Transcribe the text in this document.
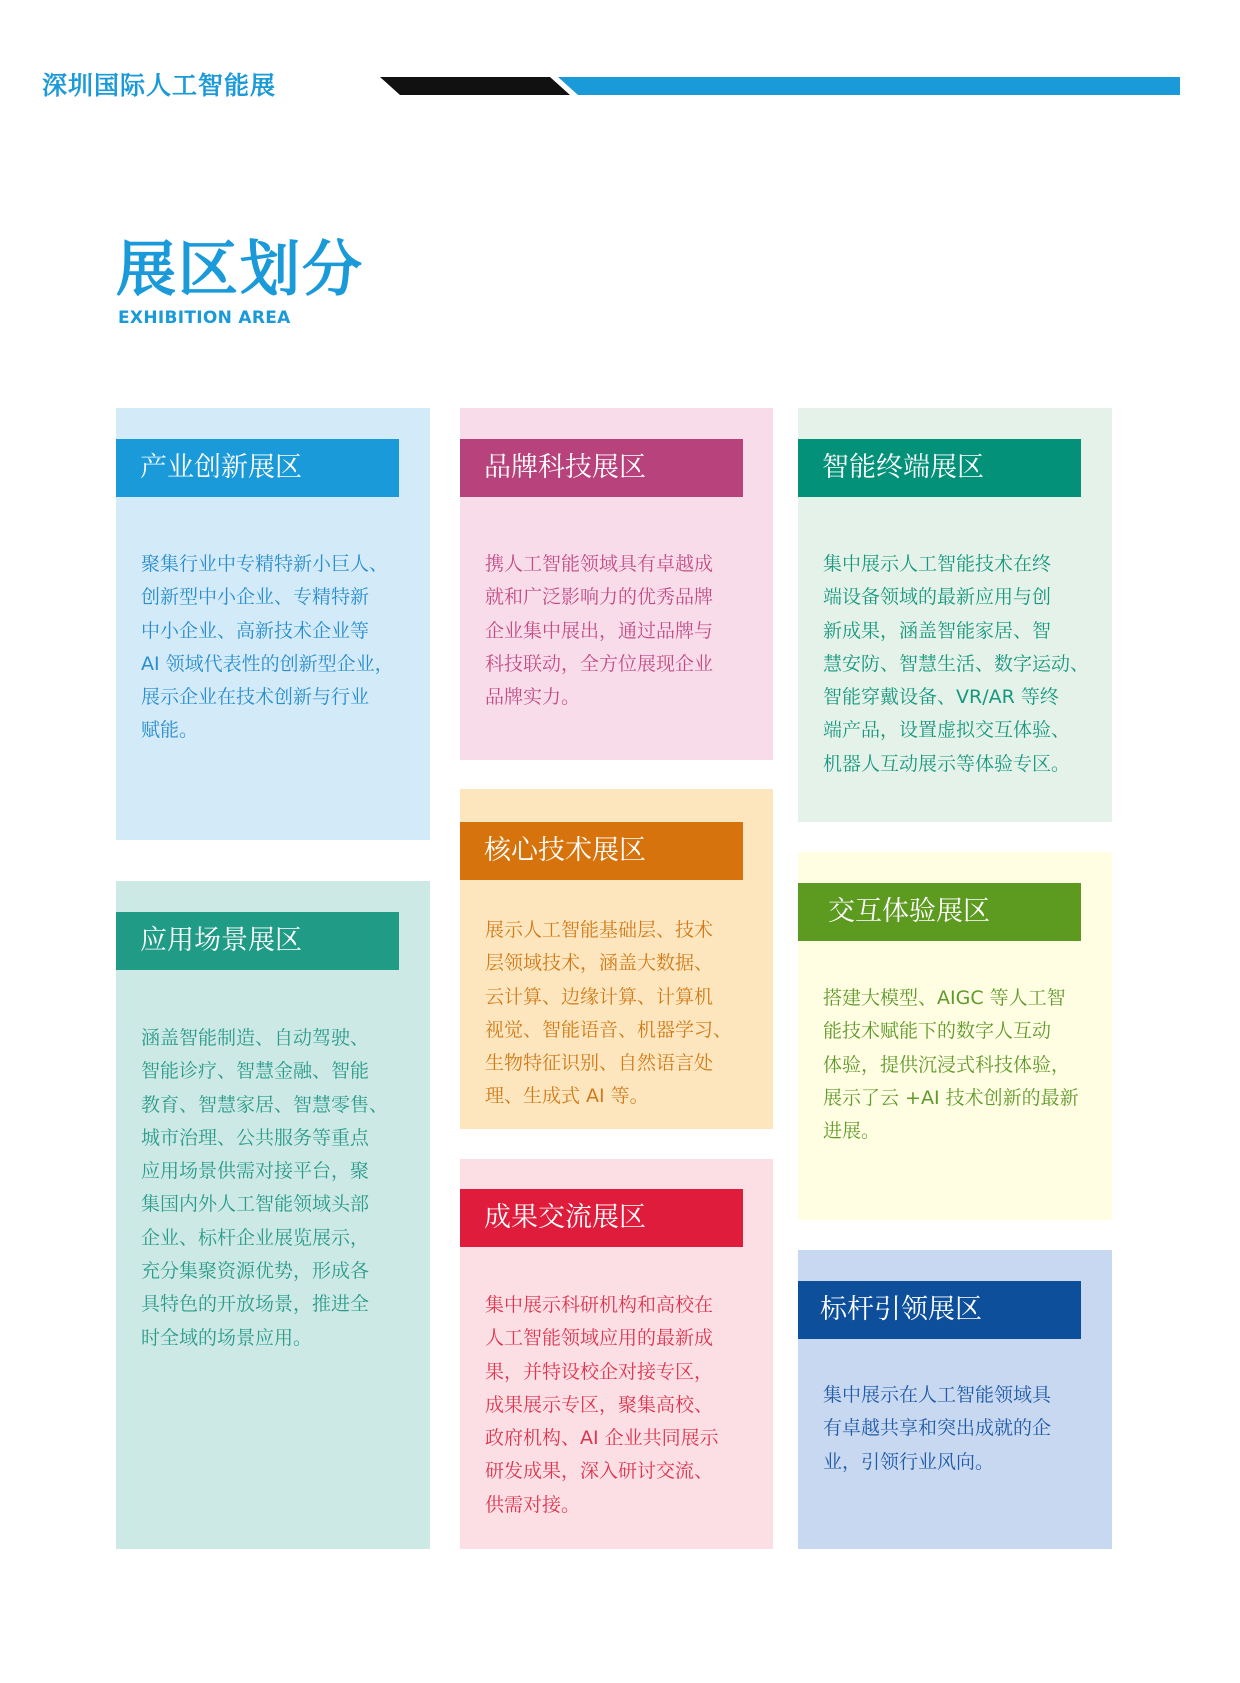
深圳国际人工智能展
展区划分
EXHIBITION AREA
产业创新展区
聚集行业中专精特新小巨人、
创新型中小企业、专精特新
中小企业、高新技术企业等
AI 领域代表性的创新型企业，
展示企业在技术创新与行业
赋能。
应用场景展区
涵盖智能制造、自动驾驶、
智能诊疗、智慧金融、智能
教育、智慧家居、智慧零售、
城市治理、公共服务等重点
应用场景供需对接平台，聚
集国内外人工智能领域头部
企业、标杆企业展览展示，
充分集聚资源优势，形成各
具特色的开放场景，推进全
时全域的场景应用。
品牌科技展区
携人工智能领域具有卓越成
就和广泛影响力的优秀品牌
企业集中展出，通过品牌与
科技联动，全方位展现企业
品牌实力。
核心技术展区
展示人工智能基础层、技术
层领域技术，涵盖大数据、
云计算、边缘计算、计算机
视觉、智能语音、机器学习、
生物特征识别、自然语言处
理、生成式 AI 等。
成果交流展区
集中展示科研机构和高校在
人工智能领域应用的最新成
果，并特设校企对接专区，
成果展示专区，聚集高校、
政府机构、AI 企业共同展示
研发成果，深入研讨交流、
供需对接。
智能终端展区
集中展示人工智能技术在终
端设备领域的最新应用与创
新成果，涵盖智能家居、智
慧安防、智慧生活、数字运动、
智能穿戴设备、VR/AR 等终
端产品，设置虚拟交互体验、
机器人互动展示等体验专区。
交互体验展区
搭建大模型、AIGC 等人工智
能技术赋能下的数字人互动
体验，提供沉浸式科技体验，
展示了云 +AI 技术创新的最新
进展。
标杆引领展区
集中展示在人工智能领域具
有卓越共享和突出成就的企
业，引领行业风向。
